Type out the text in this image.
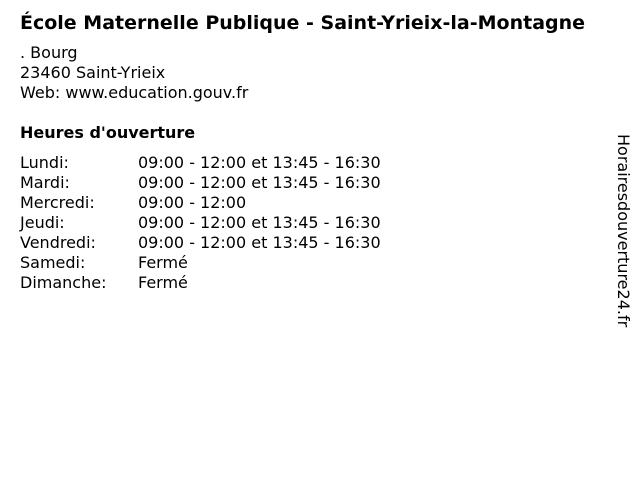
École Maternelle Publique - Saint-Yrieix-la-Montagne
. Bourg
23460 Saint-Yrieix
Web: www.education.gouv.fr
Heures d'ouverture
Lundi:	09:00 - 12:00 et 13:45 - 16:30
Mardi:	09:00 - 12:00 et 13:45 - 16:30
Mercredi:	09:00 - 12:00
Jeudi:	09:00 - 12:00 et 13:45 - 16:30
Vendredi:	09:00 - 12:00 et 13:45 - 16:30
Samedi:	Fermé
Dimanche: Fermé	Horairesdouverture24.fr
